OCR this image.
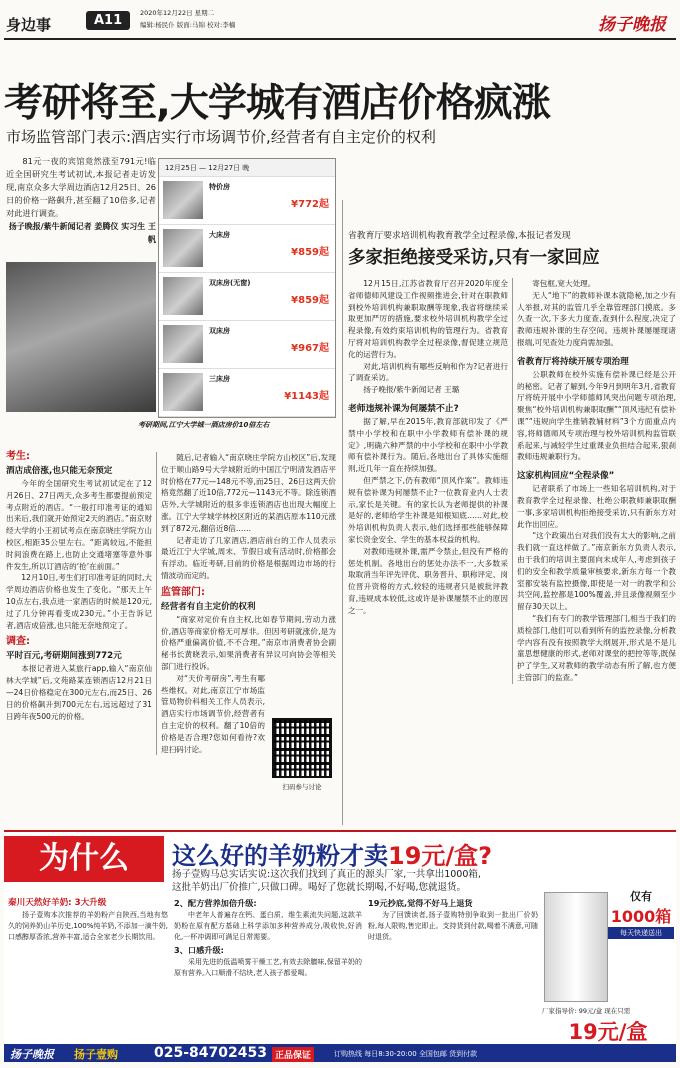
身边事	A11	2020年12月22日 星期二
编辑:杨民仆 版面:马锦 校对:李楠	扬子晚报
考研将至,大学城有酒店价格疯涨
市场监管部门表示:酒店实行市场调节价,经营者有自主定价的权利

81元一夜的宾馆竟然涨至791元!临近全国研究生考试初试,本报记者走访发现,南京众多大学周边酒店12月25日、26日的价格一路飙升,甚至翻了10倍多,记者对此进行调查。

扬子晚报/紫牛新闻记者 姜腾仪 实习生 王帆

12月25日 — 12月27日 晚
特价房
¥772起
大床房
¥859起
双床房(无窗)
¥859起
双床房
¥967起
三床房
¥1143起
考研期间,江宁大学城一酒店房价10倍左右
考生:
酒店成倍涨,也只能无奈预定

今年的全国研究生考试初试定在了12月26日、27日两天,众多考生都要提前预定考点附近的酒店。“一般打印准考证的通知出来后,我们就开始预定2天的酒店。”南京财经大学的小王初试考点在南京晓庄学院方山校区,相距35公里左右。“距离较远,不能担时间浪费在路上,也防止交通堵塞等意外事件发生,所以订酒店的‘抢’在前面。”

12月10日,考生们打印准考证的同时,大学周边酒店价格也发生了变化。“那天上午10点左右,我点进一家酒店的时候是120元,过了几分钟再看变成230元。”小王告诉记者,酒店成倍涨,也只能无奈地预定了。

调查:
平时百元,考研期间涨到772元

本报记者进入某旅行app,输入“南京仙林大学城”后,文苑路某连锁酒店12月21日—24日价格稳定在300元左右,而25日、26日的价格飙升到700元左右,远远超过了31日跨年夜500元的价格。

随后,记者输入“南京晓庄学院方山校区”后,发现位于顺山路9号大学城附近的中国江宁明清发酒店平时价格在77元—148元不等,而25日、26日这两天价格竟然翻了近10倍,772元—1143元不等。除连锁酒店外,大学城附近的很多非连锁酒店也出现大幅度上涨。江宁大学城学林校区附近的某酒店原本110元涨到了872元,翻倍近8倍……

记者走访了几家酒店,酒店前台的工作人员表示最近江宁大学城,周末、节假日或有活动时,价格都会有浮动。临近考研,目前的价格是根据周边市场的行情波动而定的。

监管部门:
经营者有自主定价的权利

“商家对定价有自主权,比如春节期间,劳动力涨价,酒店等商家价格无可厚非。但因考研就涨价,是为价格严重偏离价值,不不合理。”南京市消费者协会副秘书长黄晓表示,如果消费者有异议可向协会等相关部门进行投诉。

对“天价考研房”,考生有哪些维权。对此,南京江宁市场监管局物价科相关工作人员表示,酒店实行市场调节价,经营者有自主定价的权利。翻了10倍的价格是否合理?您如何看待?欢迎扫码讨论。

扫码参与讨论
省教育厅要求培训机构教育教学全过程录像,本报记者发现
多家拒绝接受采访,只有一家回应

12月15日,江苏省教育厅召开2020年度全省师德师风建设工作视频推进会,针对在职教师到校外培训机构兼职取酬等现象,我省将继续采取更加严厉的措施,要求校外培训机构教学全过程录像,有效约束培训机构的管理行为。省教育厅将对培训机构教学全过程录像,督促建立规范化的运营行为。

对此,培训机构有哪些反响和作为?记者进行了调查采访。

扬子晚报/紫牛新闻记者 王璐

老师违规补课为何屡禁不止?

据了解,早在2015年,教育部就印发了《严禁中小学校和在职中小学教师有偿补课的规定》,明确六种严禁的中小学校和在职中小学教师有偿补课行为。随后,各地出台了具体实施细则,近几年一直在持续加强。

但严禁之下,仍有教师“顶风作案”。教师违规有偿补课为何屡禁不止?一位教育业内人士表示,家长是关键。有的家长认为老师提供的补课是好的,老师给学生补课是知根知底……对此,校外培训机构负责人表示,他们选择那些能够保障家长资金安全、学生的基本权益的机构。

对教师违规补课,需严令禁止,但没有严格的惩处机制。各地出台的惩处办法不一,大多数采取取消当年评先评优、职务晋升、职称评定、岗位晋升资格的方式,较轻的违规者只是被批评教育,违规成本较低,这或许是补课屡禁不止的原因之一。

寄包框,宽大处理。

无人“地下”的教师补课本就隐秘,加之少有人举报,对其的监管几乎全靠管理部门摸底。多久查一次,下多大力度查,查到什么程度,决定了教师违规补课的生存空间。违规补课屡屡现诸报端,可见查处力度尚需加强。

省教育厅将持续开展专项治理

公职教师在校外实施有偿补课已经是公开的秘密。记者了解到,今年9月到明年3月,省教育厅将统开展中小学师德师风突出问题专项治理,聚焦“校外培训机构兼职取酬”“顶风违纪有偿补课”“违规向学生推销教辅材料”3个方面重点内容,将师德师风专项治理与校外培训机构监管联系起来,与减轻学生过重课业负担结合起来,狠刹教师违规兼职行为。

这家机构回应“全程录像”

记者联系了市场上一些知名培训机构,对于教育教学全过程录像、杜绝公职教师兼职取酬一事,多家培训机构拒绝接受采访,只有新东方对此作出回应。

“这个政策出台对我们没有太大的影响,之前我们就一直这样做了。”南京新东方负责人表示,由于我们的培训主要面向未成年人,考虑到孩子们的安全和教学质量审核要求,新东方每一个教室都安装有监控摄像,即使是一对一的教学和公共空间,监控都是100%覆盖,并且录像视频至少留存30天以上。

“我们有专门的教学管理部门,相当于我们的质检部门,他们可以看到所有的监控录像,分析教学内容有没有按照教学大纲展开,形式是不是儿童思想健康的形式,老师对课堂的把控等等,既保护了学生,又对教师的教学动态有所了解,也方便主管部门的监查。”

为什么	这么好的羊奶粉才卖19元/盒?
扬子壹购马总实话实说:这次我们找到了真正的源头厂家,一共拿出1000箱,
这批羊奶出厂价推广,只做口碑。喝好了您就长期喝,不好喝,您就退货。
秦川天然好羊奶: 3大升级

扬子壹购本次推荐的羊奶粉产自陕西,当地有悠久的饲养奶山羊历史,100%纯羊奶,不添加一滴牛奶,口感醇厚香浓,营养丰富,适合全家老少长期饮用。

2、配方营养加倍升级:

中老年人普遍存在钙、蛋白质、维生素流失问题,这款羊奶粉在原有配方基础上科学添加多种营养成分,吸收快,好消化,一杯冲调即可满足日常需要。

3、口感升级:

采用先进的低温喷雾干燥工艺,有效去除膻味,保留羊奶的原有营养,入口顺滑不结块,老人孩子都爱喝。

19元抄底,觉得不好马上退货

为了回馈读者,扬子壹购特别争取到一批出厂价奶粉,每人限购,售完即止。支持货到付款,喝着不满意,可随时退货。

仅有
1000箱
每天快递送出
厂家指导价: 99元/盒 现在只需
19元/盒
扬子晚报 扬子壹购	025-84702453 正品保证	订购热线 每日8:30-20:00 全国包邮 货到付款
